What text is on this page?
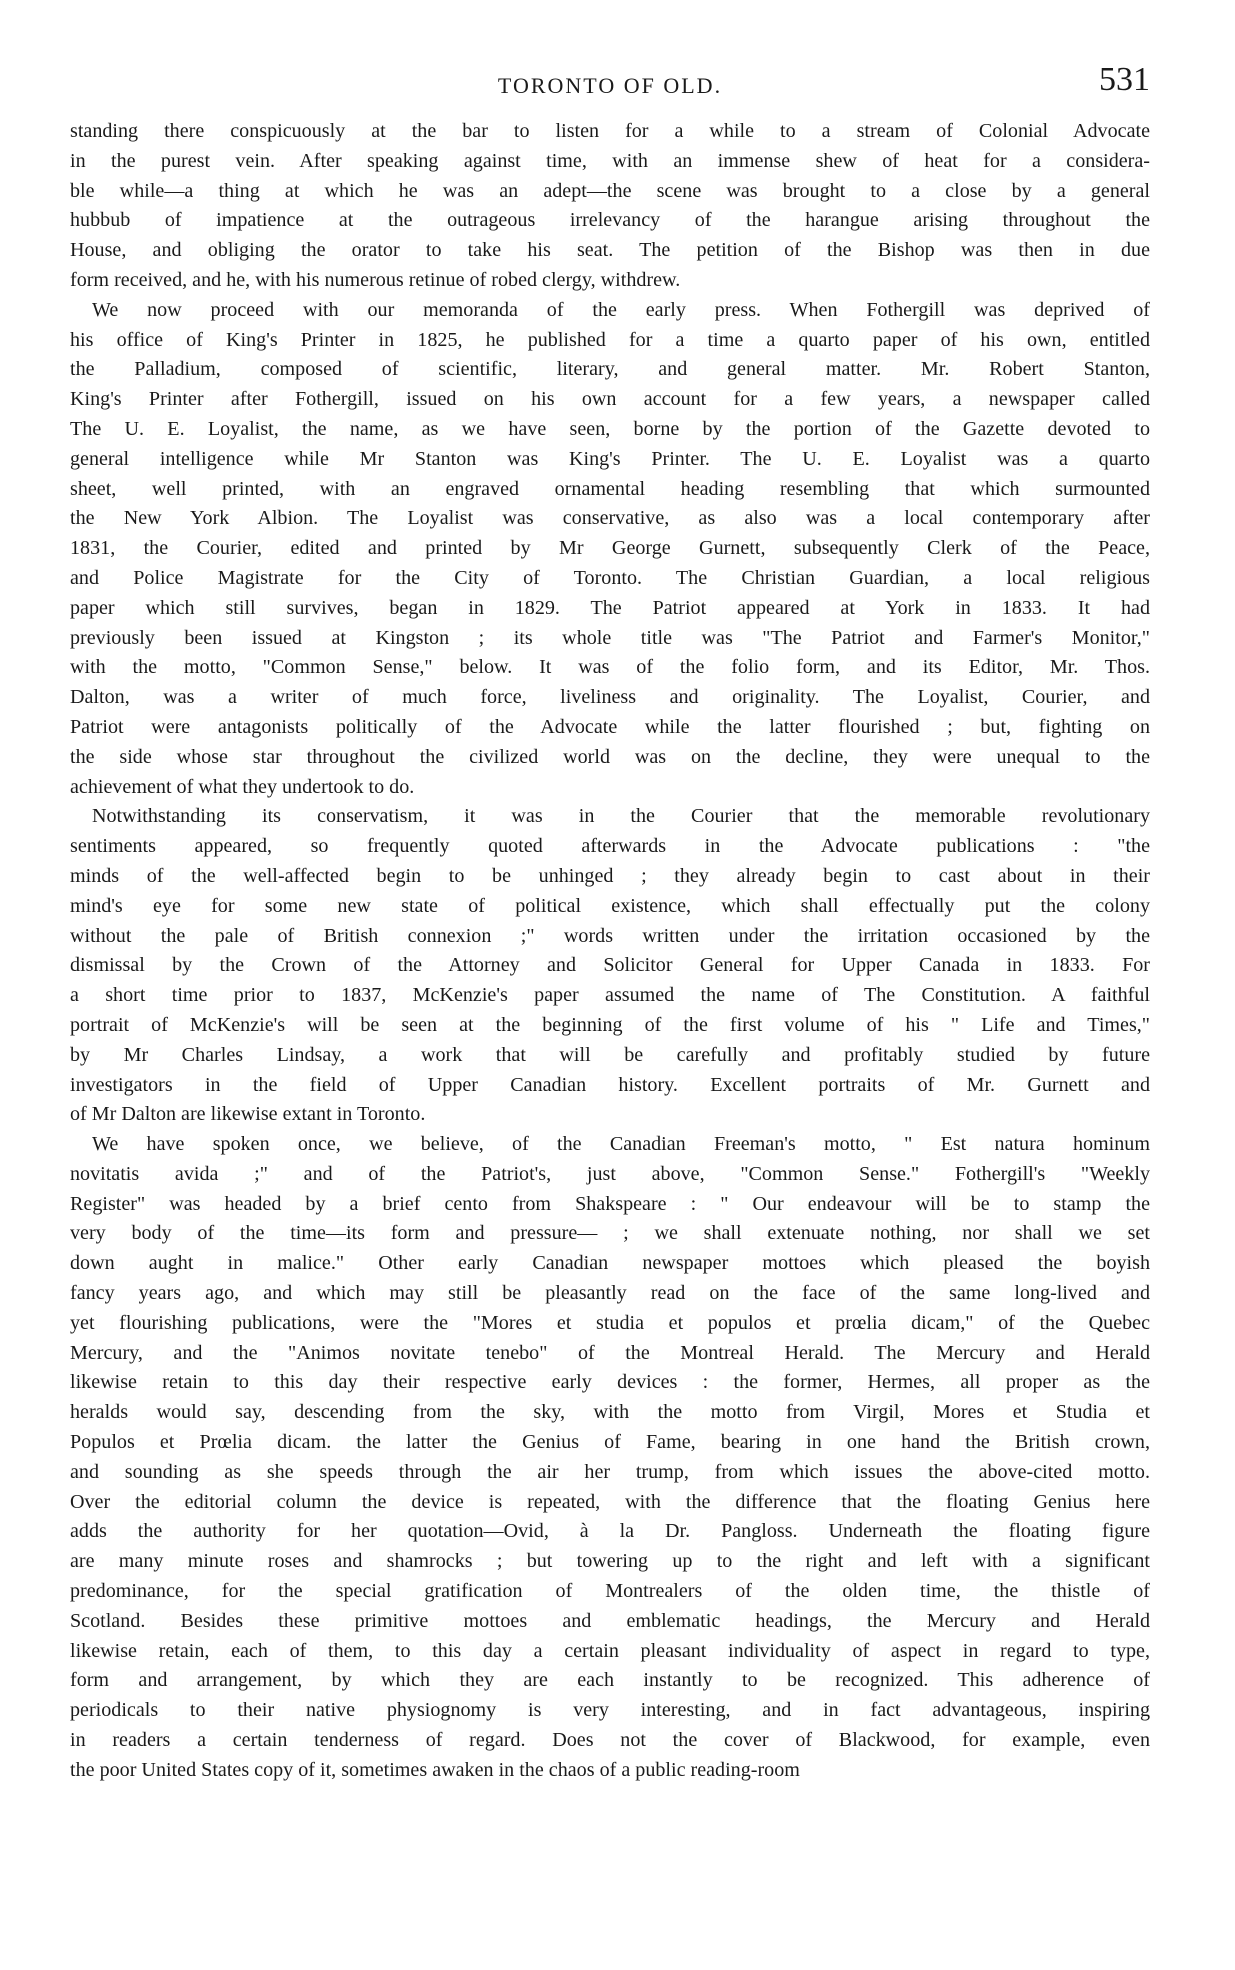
TORONTO OF OLD.	531

standing there conspicuously at the bar to listen for a while to a stream of Colonial Advocate
in the purest vein. After speaking against time, with an immense shew of heat for a considera-
ble while—a thing at which he was an adept—the scene was brought to a close by a general
hubbub of impatience at the outrageous irrelevancy of the harangue arising throughout the
House, and obliging the orator to take his seat. The petition of the Bishop was then in due
form received, and he, with his numerous retinue of robed clergy, withdrew.

We now proceed with our memoranda of the early press. When Fothergill was deprived of
his office of King's Printer in 1825, he published for a time a quarto paper of his own, entitled
the Palladium, composed of scientific, literary, and general matter. Mr. Robert Stanton,
King's Printer after Fothergill, issued on his own account for a few years, a newspaper called
The U. E. Loyalist, the name, as we have seen, borne by the portion of the Gazette devoted to
general intelligence while Mr Stanton was King's Printer. The U. E. Loyalist was a quarto
sheet, well printed, with an engraved ornamental heading resembling that which surmounted
the New York Albion. The Loyalist was conservative, as also was a local contemporary after
1831, the Courier, edited and printed by Mr George Gurnett, subsequently Clerk of the Peace,
and Police Magistrate for the City of Toronto. The Christian Guardian, a local religious
paper which still survives, began in 1829. The Patriot appeared at York in 1833. It had
previously been issued at Kingston ; its whole title was "The Patriot and Farmer's Monitor,"
with the motto, "Common Sense," below. It was of the folio form, and its Editor, Mr. Thos.
Dalton, was a writer of much force, liveliness and originality. The Loyalist, Courier, and
Patriot were antagonists politically of the Advocate while the latter flourished ; but, fighting on
the side whose star throughout the civilized world was on the decline, they were unequal to the
achievement of what they undertook to do.

Notwithstanding its conservatism, it was in the Courier that the memorable revolutionary
sentiments appeared, so frequently quoted afterwards in the Advocate publications : "the
minds of the well-affected begin to be unhinged ; they already begin to cast about in their
mind's eye for some new state of political existence, which shall effectually put the colony
without the pale of British connexion ;" words written under the irritation occasioned by the
dismissal by the Crown of the Attorney and Solicitor General for Upper Canada in 1833. For
a short time prior to 1837, McKenzie's paper assumed the name of The Constitution. A faithful
portrait of McKenzie's will be seen at the beginning of the first volume of his " Life and Times,"
by Mr Charles Lindsay, a work that will be carefully and profitably studied by future
investigators in the field of Upper Canadian history. Excellent portraits of Mr. Gurnett and
of Mr Dalton are likewise extant in Toronto.

We have spoken once, we believe, of the Canadian Freeman's motto, " Est natura hominum
novitatis avida ;" and of the Patriot's, just above, "Common Sense." Fothergill's "Weekly
Register" was headed by a brief cento from Shakspeare : " Our endeavour will be to stamp the
very body of the time—its form and pressure— ; we shall extenuate nothing, nor shall we set
down aught in malice." Other early Canadian newspaper mottoes which pleased the boyish
fancy years ago, and which may still be pleasantly read on the face of the same long-lived and
yet flourishing publications, were the "Mores et studia et populos et prœlia dicam," of the Quebec
Mercury, and the "Animos novitate tenebo" of the Montreal Herald. The Mercury and Herald
likewise retain to this day their respective early devices : the former, Hermes, all proper as the
heralds would say, descending from the sky, with the motto from Virgil, Mores et Studia et
Populos et Prœlia dicam. the latter the Genius of Fame, bearing in one hand the British crown,
and sounding as she speeds through the air her trump, from which issues the above-cited motto.
Over the editorial column the device is repeated, with the difference that the floating Genius here
adds the authority for her quotation—Ovid, à la Dr. Pangloss. Underneath the floating figure
are many minute roses and shamrocks ; but towering up to the right and left with a significant
predominance, for the special gratification of Montrealers of the olden time, the thistle of
Scotland. Besides these primitive mottoes and emblematic headings, the Mercury and Herald
likewise retain, each of them, to this day a certain pleasant individuality of aspect in regard to type,
form and arrangement, by which they are each instantly to be recognized. This adherence of
periodicals to their native physiognomy is very interesting, and in fact advantageous, inspiring
in readers a certain tenderness of regard. Does not the cover of Blackwood, for example, even
the poor United States copy of it, sometimes awaken in the chaos of a public reading-room
